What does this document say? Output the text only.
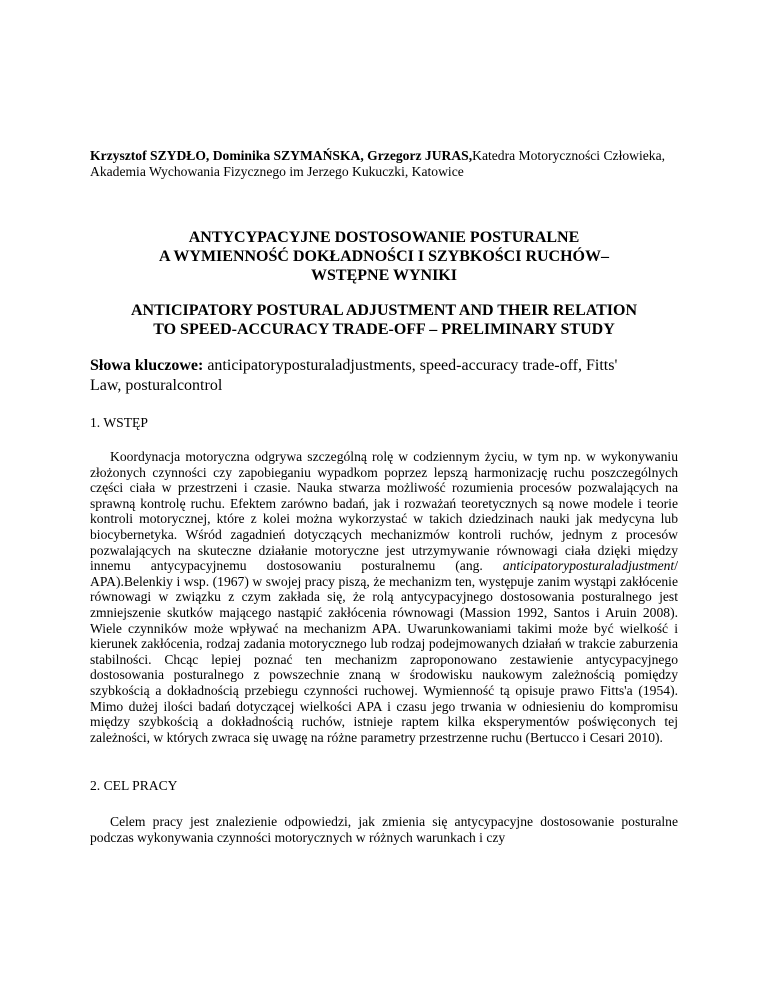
Krzysztof SZYDŁO, Dominika SZYMAŃSKA, Grzegorz JURAS,Katedra Motoryczności Człowieka, Akademia Wychowania Fizycznego im Jerzego Kukuczki, Katowice

ANTYCYPACYJNE DOSTOSOWANIE POSTURALNE
A WYMIENNOŚĆ DOKŁADNOŚCI I SZYBKOŚCI RUCHÓW–
WSTĘPNE WYNIKI
ANTICIPATORY POSTURAL ADJUSTMENT AND THEIR RELATION
TO SPEED-ACCURACY TRADE-OFF – PRELIMINARY STUDY

Słowa kluczowe: anticipatoryposturaladjustments, speed-accuracy trade-off, Fitts' Law, posturalcontrol

1. WSTĘP

Koordynacja motoryczna odgrywa szczególną rolę w codziennym życiu, w tym np. w wykonywaniu złożonych czynności czy zapobieganiu wypadkom poprzez lepszą harmonizację ruchu poszczególnych części ciała w przestrzeni i czasie. Nauka stwarza możliwość rozumienia procesów pozwalających na sprawną kontrolę ruchu. Efektem zarówno badań, jak i rozważań teoretycznych są nowe modele i teorie kontroli motorycznej, które z kolei można wykorzystać w takich dziedzinach nauki jak medycyna lub biocybernetyka. Wśród zagadnień dotyczących mechanizmów kontroli ruchów, jednym z procesów pozwalających na skuteczne działanie motoryczne jest utrzymywanie równowagi ciała dzięki między innemu antycypacyjnemu dostosowaniu posturalnemu (ang. anticipatoryposturaladjustment/ APA).Belenkiy i wsp. (1967) w swojej pracy piszą, że mechanizm ten, występuje zanim wystąpi zakłócenie równowagi w związku z czym zakłada się, że rolą antycypacyjnego dostosowania posturalnego jest zmniejszenie skutków mającego nastąpić zakłócenia równowagi (Massion 1992, Santos i Aruin 2008). Wiele czynników może wpływać na mechanizm APA. Uwarunkowaniami takimi może być wielkość i kierunek zakłócenia, rodzaj zadania motorycznego lub rodzaj podejmowanych działań w trakcie zaburzenia stabilności. Chcąc lepiej poznać ten mechanizm zaproponowano zestawienie antycypacyjnego dostosowania posturalnego z powszechnie znaną w środowisku naukowym zależnością pomiędzy szybkością a dokładnością przebiegu czynności ruchowej. Wymienność tą opisuje prawo Fitts'a (1954). Mimo dużej ilości badań dotyczącej wielkości APA i czasu jego trwania w odniesieniu do kompromisu między szybkością a dokładnością ruchów, istnieje raptem kilka eksperymentów poświęconych tej zależności, w których zwraca się uwagę na różne parametry przestrzenne ruchu (Bertucco i Cesari 2010).

2. CEL PRACY

Celem pracy jest znalezienie odpowiedzi, jak zmienia się antycypacyjne dostosowanie posturalne podczas wykonywania czynności motorycznych w różnych warunkach i czy
